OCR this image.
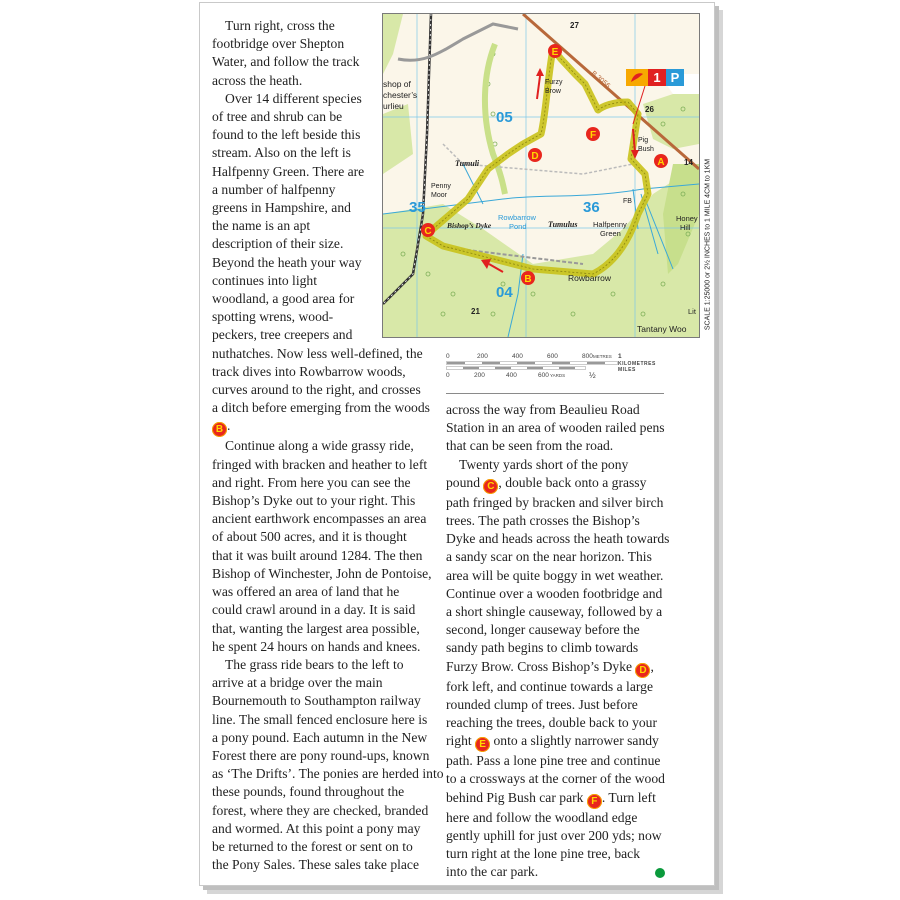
Turn right, cross the
footbridge over Shepton
Water, and follow the track
across the heath.

Over 14 different species
of tree and shrub can be
found to the left beside this
stream. Also on the left is
Halfpenny Green. There are
a number of halfpenny
greens in Hampshire, and
the name is an apt
description of their size.
Beyond the heath your way
continues into light
woodland, a good area for
spotting wrens, wood-
peckers, tree creepers and
nuthatches. Now less well-defined, the
track dives into Rowbarrow woods,
curves around to the right, and crosses
a ditch before emerging from the woods
B .

Continue along a wide grassy ride,
fringed with bracken and heather to left
and right. From here you can see the
Bishop’s Dyke out to your right. This
ancient earthwork encompasses an area
of about 500 acres, and it is thought
that it was built around 1284. The then
Bishop of Winchester, John de Pontoise,
was offered an area of land that he
could crawl around in a day. It is said
that, wanting the largest area possible,
he spent 24 hours on hands and knees.

The grass ride bears to the left to
arrive at a bridge over the main
Bournemouth to Southampton railway
line. The small fenced enclosure here is
a pony pound. Each autumn in the New
Forest there are pony round-ups, known
as ‘The Drifts’. The ponies are herded into
these pounds, found throughout the
forest, where they are checked, branded
and wormed. At this point a pony may
be returned to the forest or sent on to
the Pony Sales. These sales take place

1 P
A
B
C
D
E
F
05
35	36
04
27
26
14
21
shop of
chester’s
urlieu
Halfpenny
Green
Rowbarrow
Tantany Woo
Honey
Hill
Lit
Furzy
Brow
Pig
Bush
Penny
Moor
FB
Tumuli
Tumulus
Bishop’s Dyke
Rowbarrow
Pond
B 3056
SCALE 1:25000 or 2½ INCHES to 1 MILE 4CM to 1KM
0	200	400	600	800 METRES 1
KILOMETRES
MILES
0	200	400	600 YARDS	½

across the way from Beaulieu Road
Station in an area of wooden railed pens
that can be seen from the road.

Twenty yards short of the pony
pound C , double back onto a grassy
path fringed by bracken and silver birch
trees. The path crosses the Bishop’s
Dyke and heads across the heath towards
a sandy scar on the near horizon. This
area will be quite boggy in wet weather.
Continue over a wooden footbridge and
a short shingle causeway, followed by a
second, longer causeway before the
sandy path begins to climb towards
Furzy Brow. Cross Bishop’s Dyke D ,
fork left, and continue towards a large
rounded clump of trees. Just before
reaching the trees, double back to your
right E onto a slightly narrower sandy
path. Pass a lone pine tree and continue
to a crossways at the corner of the wood
behind Pig Bush car park F . Turn left
here and follow the woodland edge
gently uphill for just over 200 yds; now
turn right at the lone pine tree, back
into the car park.
